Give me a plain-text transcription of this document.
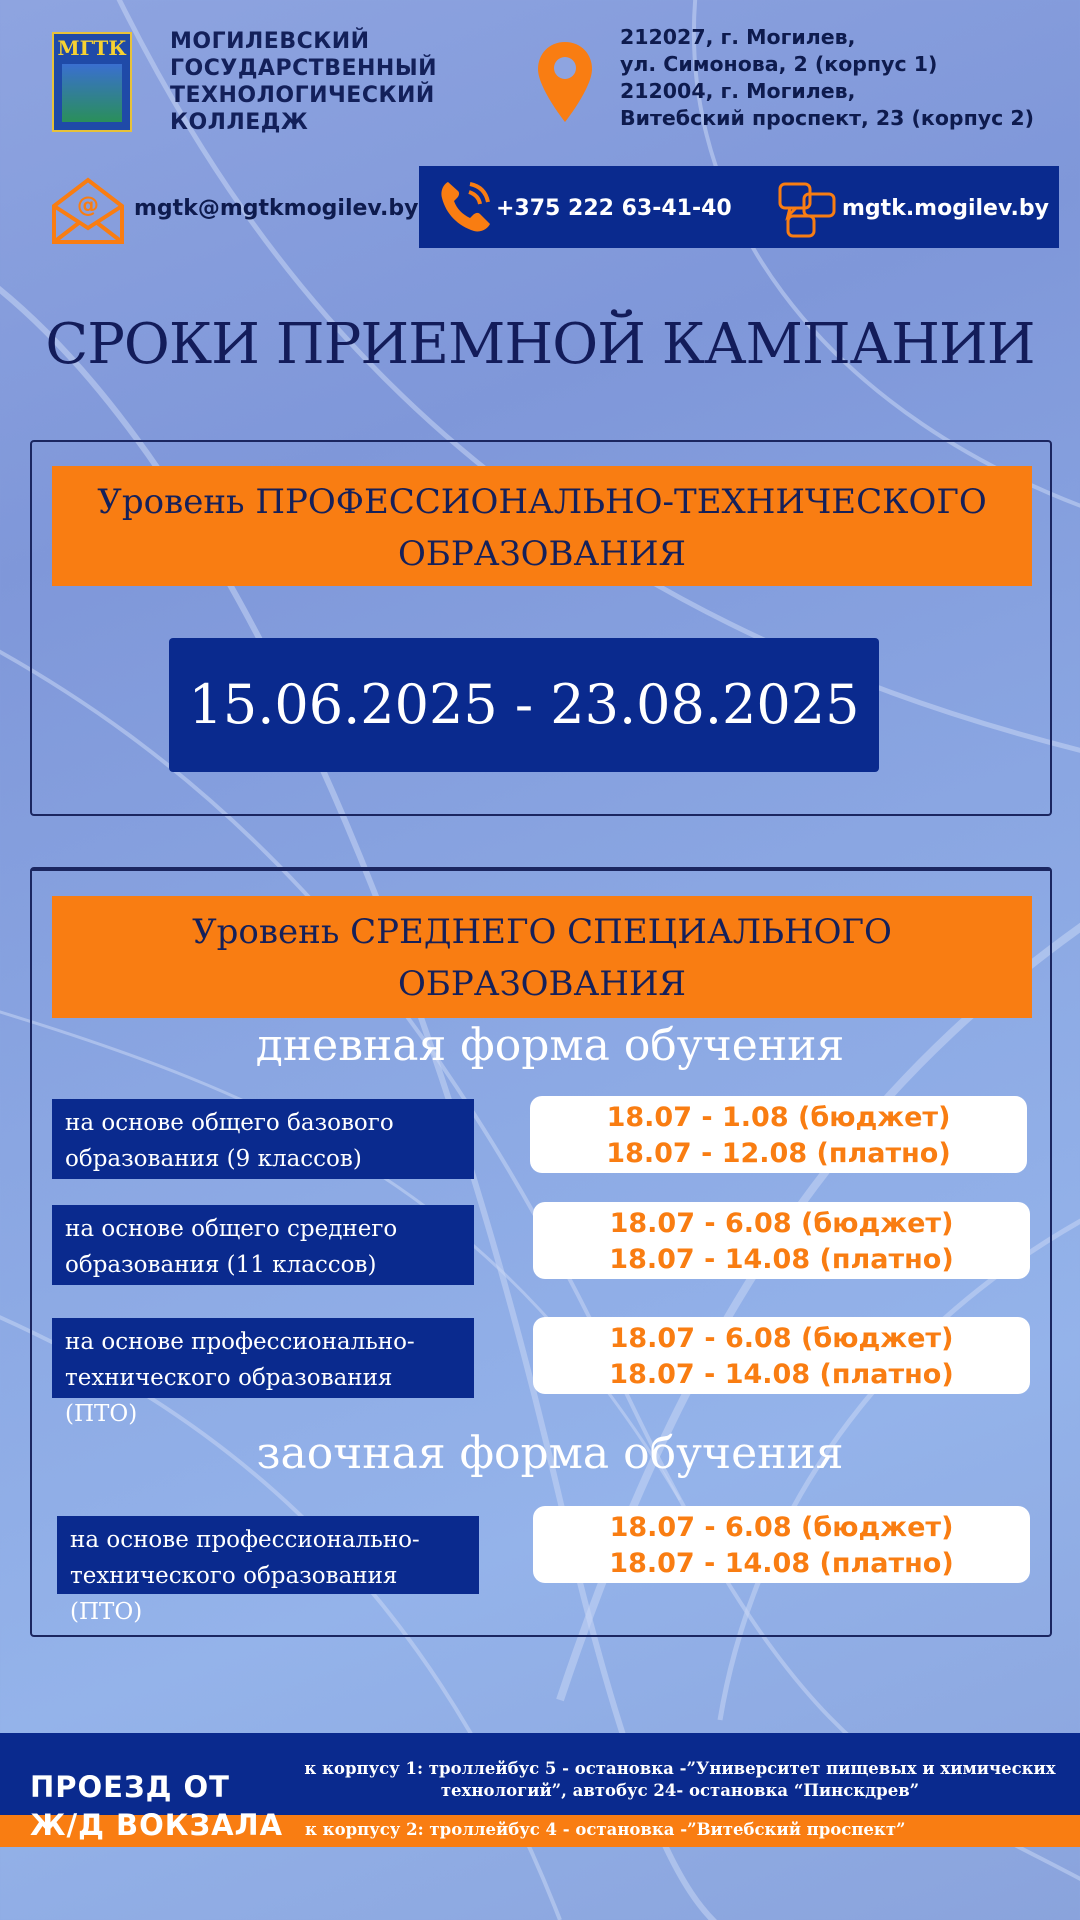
МГТК МОГИЛЕВСКИЙ
ГОСУДАРСТВЕННЫЙ
ТЕХНОЛОГИЧЕСКИЙ
КОЛЛЕДЖ
212027, г. Могилев,
ул. Симонова, 2 (корпус 1)
212004, г. Могилев,
Витебский проспект, 23 (корпус 2)
@ mgtk@mgtkmogilev.by	+375 222 63-41-40	mgtk.mogilev.by
СРОКИ ПРИЕМНОЙ КАМПАНИИ
Уровень ПРОФЕССИОНАЛЬНО-ТЕХНИЧЕСКОГО
ОБРАЗОВАНИЯ
15.06.2025 - 23.08.2025
Уровень СРЕДНЕГО СПЕЦИАЛЬНОГО
ОБРАЗОВАНИЯ
дневная форма обучения
на основе общего базового
образования (9 классов)
18.07 - 1.08 (бюджет)
18.07 - 12.08 (платно)
на основе общего среднего
образования (11 классов)
18.07 - 6.08 (бюджет)
18.07 - 14.08 (платно)
на основе профессионально-
технического образования (ПТО)
18.07 - 6.08 (бюджет)
18.07 - 14.08 (платно)
заочная форма обучения
на основе профессионально-
технического образования (ПТО)
18.07 - 6.08 (бюджет)
18.07 - 14.08 (платно)
ПРОЕЗД ОТ
Ж/Д ВОКЗАЛА
к корпусу 1: троллейбус 5 - остановка -”Университет пищевых и химических
технологий”, автобус 24- остановка “Пинскдрев”
к корпусу 2: троллейбус 4 - остановка -”Витебский проспект”
